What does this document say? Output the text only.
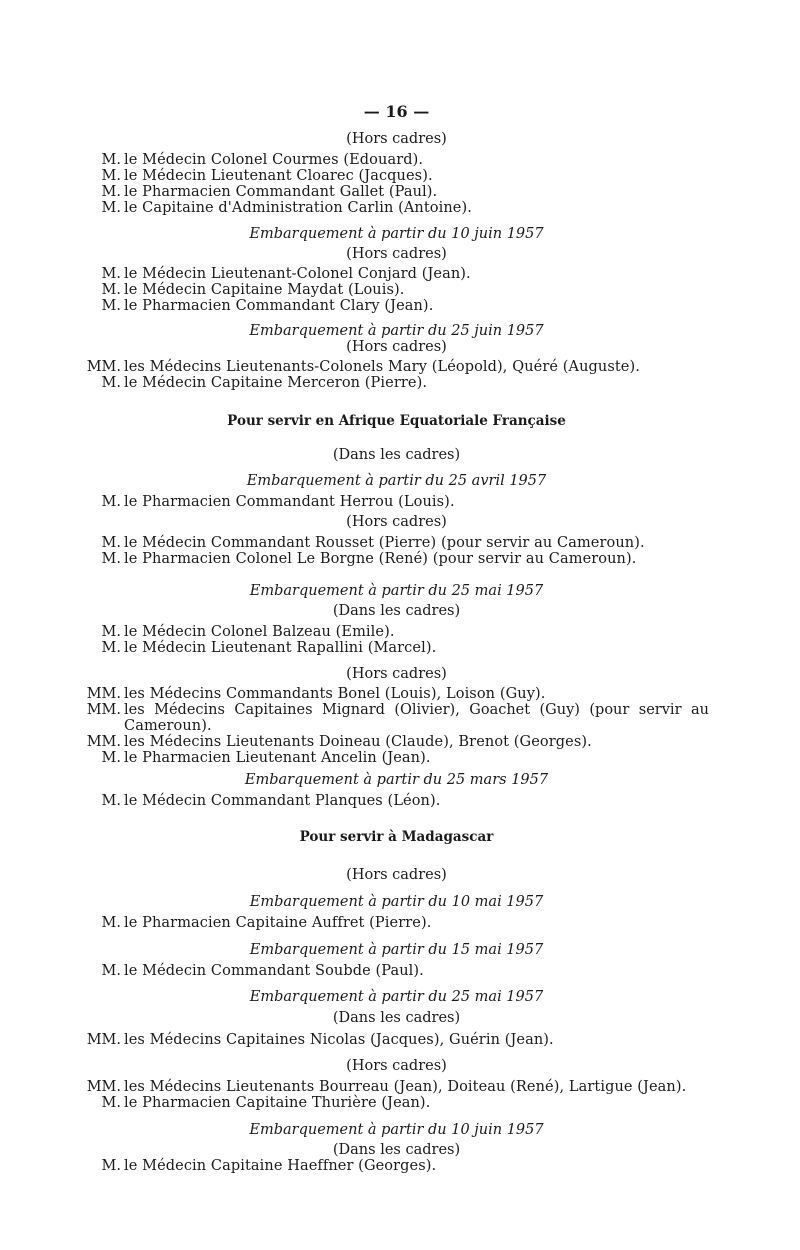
— 16 —
(Hors cadres)
M. le Médecin Colonel Courmes (Edouard).
M. le Médecin Lieutenant Cloarec (Jacques).
M. le Pharmacien Commandant Gallet (Paul).
M. le Capitaine d'Administration Carlin (Antoine).
Embarquement à partir du 10 juin 1957
(Hors cadres)
M. le Médecin Lieutenant-Colonel Conjard (Jean).
M. le Médecin Capitaine Maydat (Louis).
M. le Pharmacien Commandant Clary (Jean).
Embarquement à partir du 25 juin 1957
(Hors cadres)
MM. les Médecins Lieutenants-Colonels Mary (Léopold), Quéré (Auguste).
M. le Médecin Capitaine Merceron (Pierre).
Pour servir en Afrique Equatoriale Française
(Dans les cadres)
Embarquement à partir du 25 avril 1957
M. le Pharmacien Commandant Herrou (Louis).
(Hors cadres)
M. le Médecin Commandant Rousset (Pierre) (pour servir au Cameroun).
M. le Pharmacien Colonel Le Borgne (René) (pour servir au Cameroun).
Embarquement à partir du 25 mai 1957
(Dans les cadres)
M. le Médecin Colonel Balzeau (Emile).
M. le Médecin Lieutenant Rapallini (Marcel).
(Hors cadres)
MM. les Médecins Commandants Bonel (Louis), Loison (Guy).
MM. les Médecins Capitaines Mignard (Olivier), Goachet (Guy) (pour servir au
Cameroun).
MM. les Médecins Lieutenants Doineau (Claude), Brenot (Georges).
M. le Pharmacien Lieutenant Ancelin (Jean).
Embarquement à partir du 25 mars 1957
M. le Médecin Commandant Planques (Léon).
Pour servir à Madagascar
(Hors cadres)
Embarquement à partir du 10 mai 1957
M. le Pharmacien Capitaine Auffret (Pierre).
Embarquement à partir du 15 mai 1957
M. le Médecin Commandant Soubde (Paul).
Embarquement à partir du 25 mai 1957
(Dans les cadres)
MM. les Médecins Capitaines Nicolas (Jacques), Guérin (Jean).
(Hors cadres)
MM. les Médecins Lieutenants Bourreau (Jean), Doiteau (René), Lartigue (Jean).
M. le Pharmacien Capitaine Thurière (Jean).
Embarquement à partir du 10 juin 1957
(Dans les cadres)
M. le Médecin Capitaine Haeffner (Georges).
